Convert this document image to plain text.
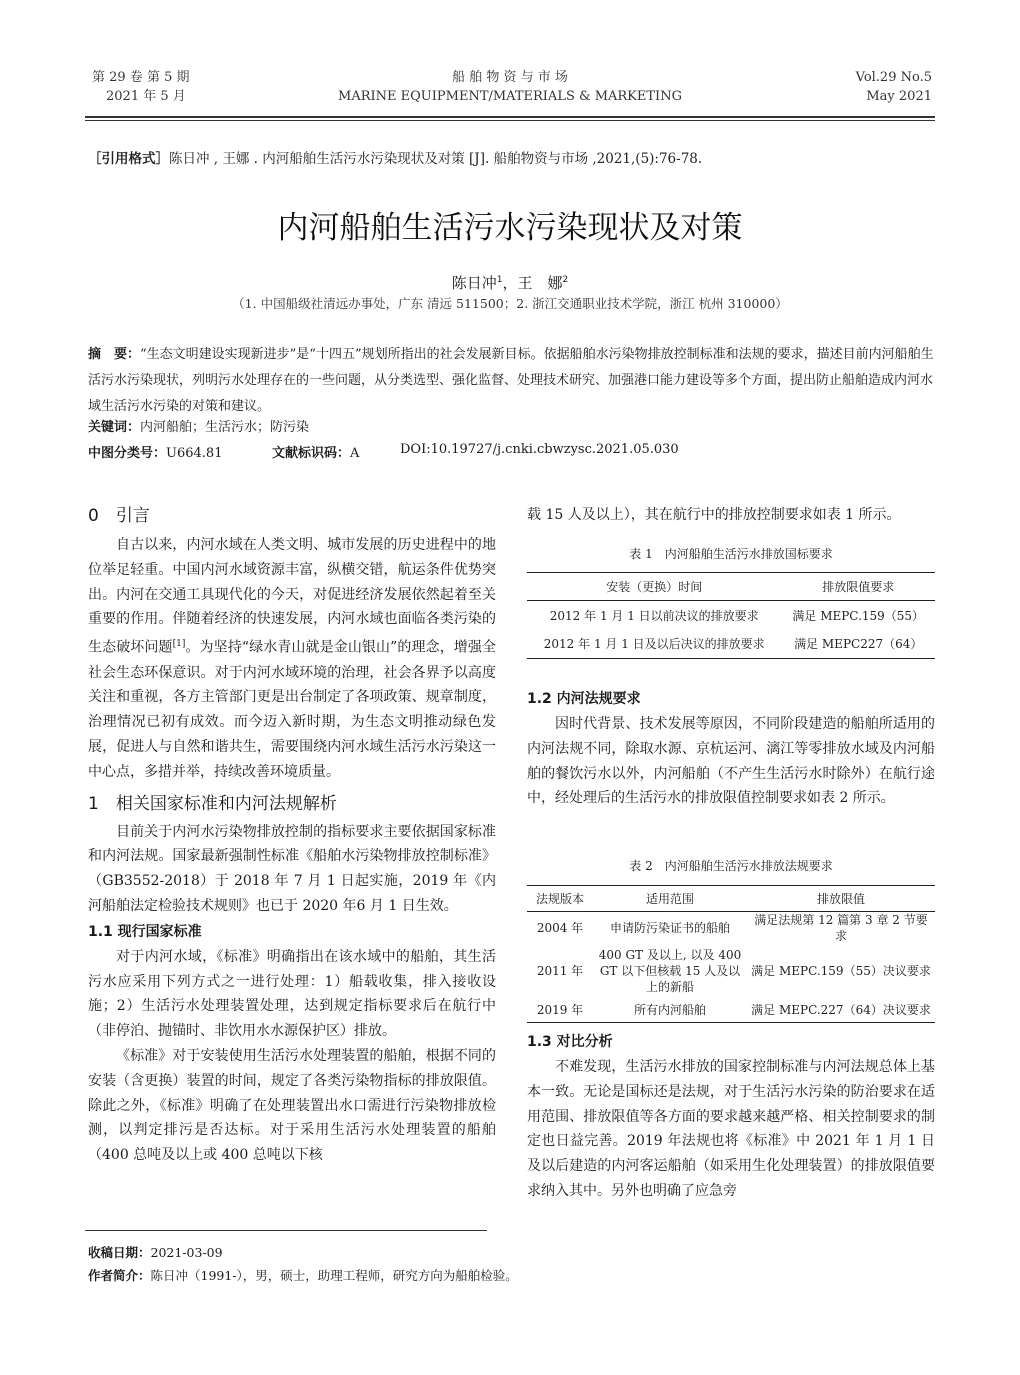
第 29 卷 第 5 期
2021 年 5 月
船 舶 物 资 与 市 场
MARINE EQUIPMENT/MATERIALS & MARKETING
Vol.29 No.5
May 2021
［引用格式］陈日冲 , 王娜 . 内河船舶生活污水污染现状及对策 [J]. 船舶物资与市场 ,2021,(5):76-78.
内河船舶生活污水污染现状及对策
陈日冲$^1$，王　娜$^2$
（1. 中国船级社清远办事处，广东 清远 511500；2. 浙江交通职业技术学院，浙江 杭州 310000）
摘　要：“生态文明建设实现新进步”是“十四五”规划所指出的社会发展新目标。依据船舶水污染物排放控制标准和法规的要求，描述目前内河船舶生活污水污染现状，列明污水处理存在的一些问题，从分类选型、强化监督、处理技术研究、加强港口能力建设等多个方面，提出防止船舶造成内河水域生活污水污染的对策和建议。
关键词：内河船舶；生活污水；防污染
中图分类号：U664.81	文献标识码：A	DOI:10.19727/j.cnki.cbwzysc.2021.05.030
0　引言

自古以来，内河水域在人类文明、城市发展的历史进程中的地位举足轻重。中国内河水域资源丰富，纵横交错，航运条件优势突出。内河在交通工具现代化的今天，对促进经济发展依然起着至关重要的作用。伴随着经济的快速发展，内河水域也面临各类污染的生态破坏问题[1]。为坚持“绿水青山就是金山银山”的理念，增强全社会生态环保意识。对于内河水域环境的治理，社会各界予以高度关注和重视，各方主管部门更是出台制定了各项政策、规章制度，治理情况已初有成效。而今迈入新时期，为生态文明推动绿色发展，促进人与自然和谐共生，需要围绕内河水域生活污水污染这一中心点，多措并举，持续改善环境质量。

1　相关国家标准和内河法规解析

目前关于内河水污染物排放控制的指标要求主要依据国家标准和内河法规。国家最新强制性标准《船舶水污染物排放控制标准》（GB3552-2018）于 2018 年 7 月 1 日起实施，2019 年《内河船舶法定检验技术规则》也已于 2020 年6 月 1 日生效。

1.1 现行国家标准

对于内河水域，《标准》明确指出在该水域中的船舶，其生活污水应采用下列方式之一进行处理：1）船载收集，排入接收设施；2）生活污水处理装置处理，达到规定指标要求后在航行中（非停泊、抛锚时、非饮用水水源保护区）排放。

《标准》对于安装使用生活污水处理装置的船舶，根据不同的安装（含更换）装置的时间，规定了各类污染物指标的排放限值。除此之外，《标准》明确了在处理装置出水口需进行污染物排放检测，以判定排污是否达标。对于采用生活污水处理装置的船舶（400 总吨及以上或 400 总吨以下核

载 15 人及以上），其在航行中的排放控制要求如表 1 所示。

表 1　内河船舶生活污水排放国标要求
安装（更换）时间	排放限值要求
2012 年 1 月 1 日以前决议的排放要求	满足 MEPC.159（55）
2012 年 1 月 1 日及以后决议的排放要求	满足 MEPC227（64）
1.2 内河法规要求

因时代背景、技术发展等原因，不同阶段建造的船舶所适用的内河法规不同，除取水源、京杭运河、漓江等零排放水域及内河船舶的餐饮污水以外，内河船舶（不产生生活污水时除外）在航行途中，经处理后的生活污水的排放限值控制要求如表 2 所示。

表 2　内河船舶生活污水排放法规要求
法规版本	适用范围	排放限值
2004 年	申请防污染证书的船舶	满足法规第 12 篇第 3 章 2 节要求
2011 年	400 GT 及以上, 以及 400 GT 以下但核载 15 人及以上的新船	满足 MEPC.159（55）决议要求
2019 年	所有内河船舶	满足 MEPC.227（64）决议要求
1.3 对比分析

不难发现，生活污水排放的国家控制标准与内河法规总体上基本一致。无论是国标还是法规，对于生活污水污染的防治要求在适用范围、排放限值等各方面的要求越来越严格、相关控制要求的制定也日益完善。2019 年法规也将《标准》中 2021 年 1 月 1 日及以后建造的内河客运船舶（如采用生化处理装置）的排放限值要求纳入其中。另外也明确了应急旁

收稿日期：2021-03-09
作者简介：陈日冲（1991-），男，硕士，助理工程师，研究方向为船舶检验。
